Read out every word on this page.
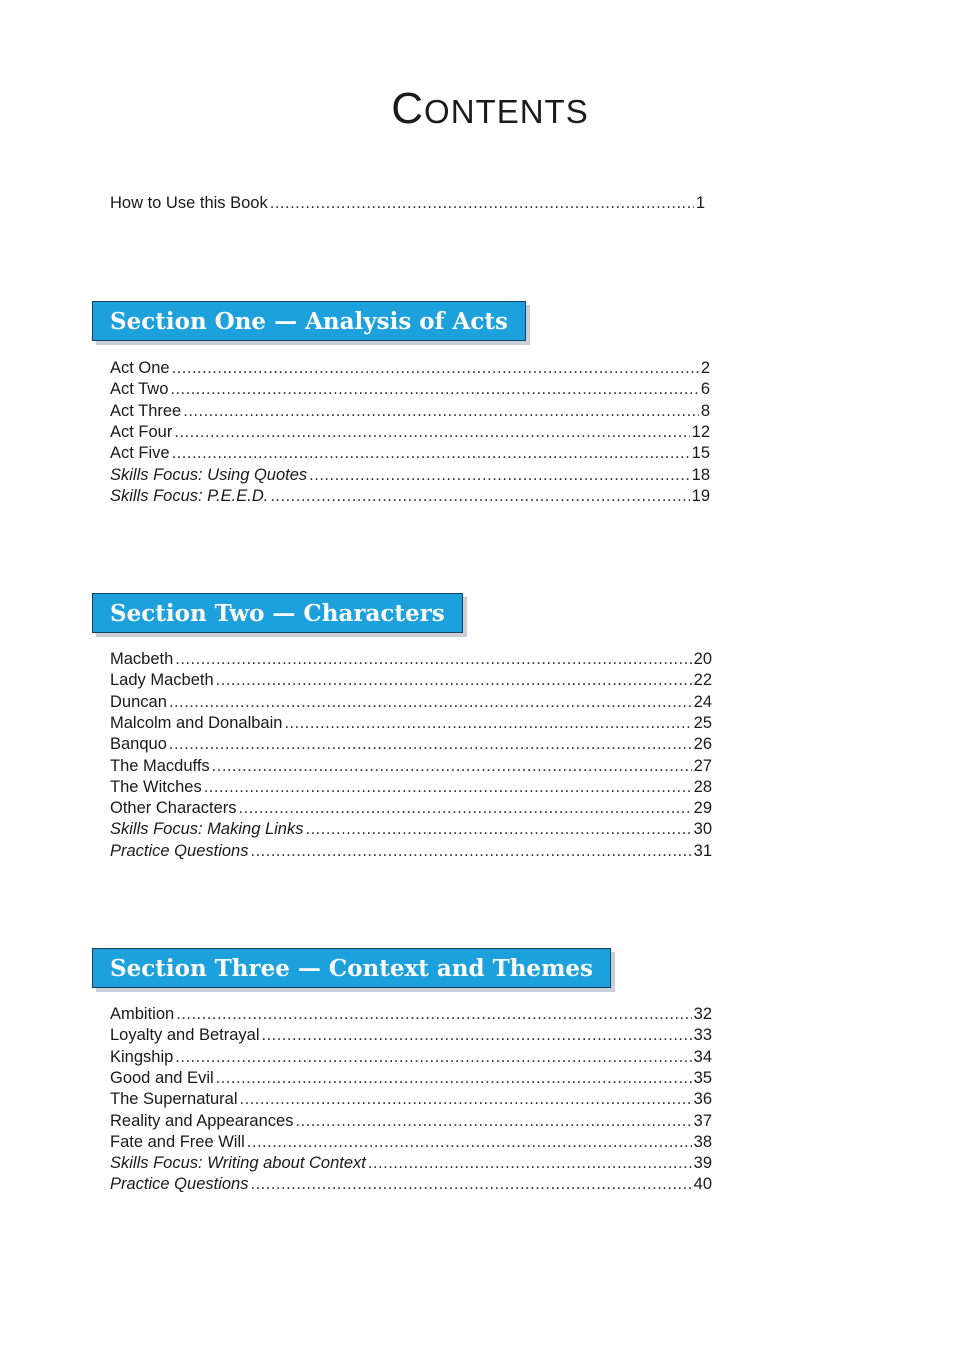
CONTENTS
How to Use this Book .....	1
Section One — Analysis of Acts
Act One .....	2
Act Two .....	6
Act Three .....	8
Act Four .....	12
Act Five .....	15
Skills Focus: Using Quotes .....	18
Skills Focus: P.E.E.D. .....	19
Section Two — Characters
Macbeth .....	20
Lady Macbeth .....	22
Duncan .....	24
Malcolm and Donalbain .....	25
Banquo .....	26
The Macduffs .....	27
The Witches .....	28
Other Characters .....	29
Skills Focus: Making Links .....	30
Practice Questions .....	31
Section Three — Context and Themes
Ambition .....	32
Loyalty and Betrayal .....	33
Kingship .....	34
Good and Evil .....	35
The Supernatural .....	36
Reality and Appearances .....	37
Fate and Free Will .....	38
Skills Focus: Writing about Context .....	39
Practice Questions .....	40
